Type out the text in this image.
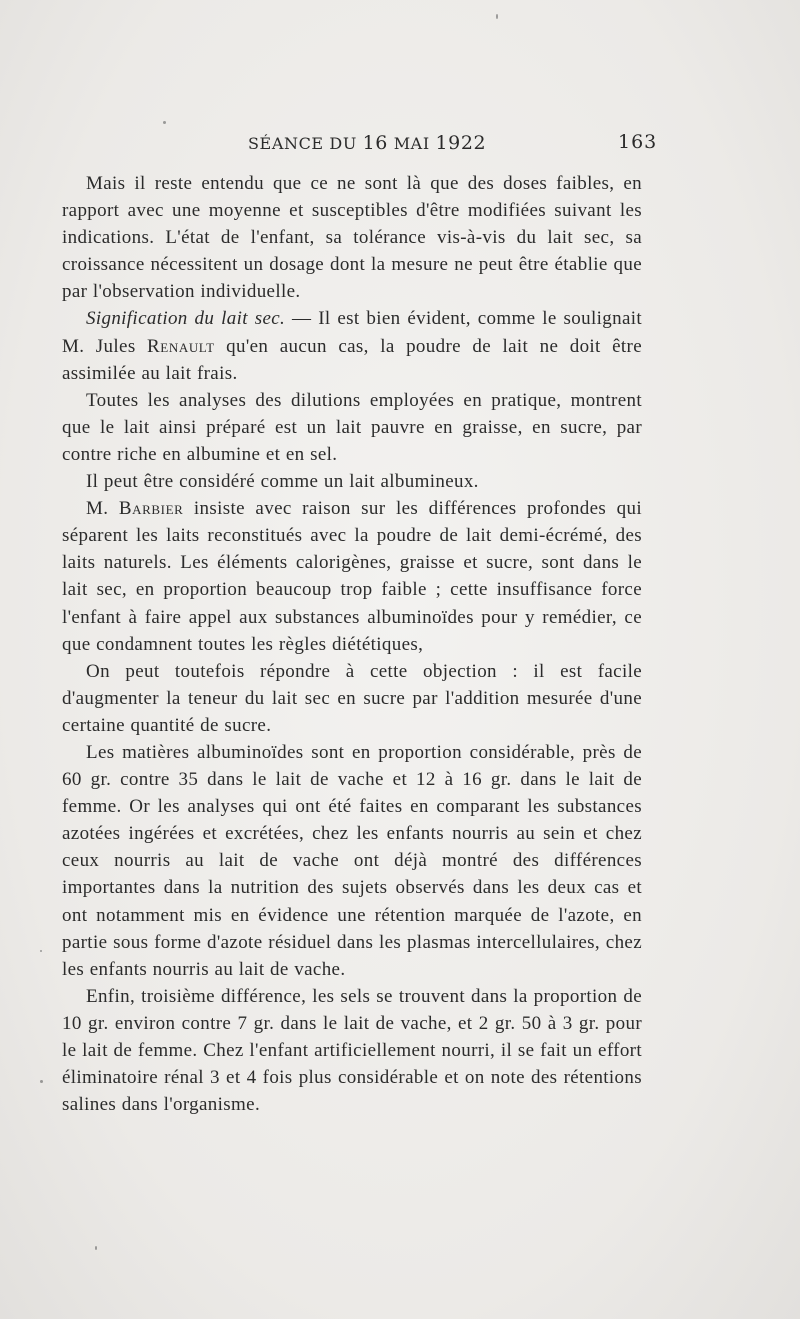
SÉANCE DU 16 MAI 1922	163

Mais il reste entendu que ce ne sont là que des doses faibles, en rapport avec une moyenne et susceptibles d'être modifiées suivant les indications. L'état de l'enfant, sa tolérance vis-à-vis du lait sec, sa croissance nécessitent un dosage dont la mesure ne peut être établie que par l'observation individuelle.

Signification du lait sec. — Il est bien évident, comme le soulignait M. Jules Renault qu'en aucun cas, la poudre de lait ne doit être assimilée au lait frais.

Toutes les analyses des dilutions employées en pratique, montrent que le lait ainsi préparé est un lait pauvre en graisse, en sucre, par contre riche en albumine et en sel.

Il peut être considéré comme un lait albumineux.

M. Barbier insiste avec raison sur les différences profondes qui séparent les laits reconstitués avec la poudre de lait demi-écrémé, des laits naturels. Les éléments calorigènes, graisse et sucre, sont dans le lait sec, en proportion beaucoup trop faible ; cette insuffisance force l'enfant à faire appel aux substances albuminoïdes pour y remédier, ce que condamnent toutes les règles diététiques,

On peut toutefois répondre à cette objection : il est facile d'augmenter la teneur du lait sec en sucre par l'addition mesurée d'une certaine quantité de sucre.

Les matières albuminoïdes sont en proportion considérable, près de 60 gr. contre 35 dans le lait de vache et 12 à 16 gr. dans le lait de femme. Or les analyses qui ont été faites en comparant les substances azotées ingérées et excrétées, chez les enfants nourris au sein et chez ceux nourris au lait de vache ont déjà montré des différences importantes dans la nutrition des sujets observés dans les deux cas et ont notamment mis en évidence une rétention marquée de l'azote, en partie sous forme d'azote résiduel dans les plasmas intercellulaires, chez les enfants nourris au lait de vache.

Enfin, troisième différence, les sels se trouvent dans la proportion de 10 gr. environ contre 7 gr. dans le lait de vache, et 2 gr. 50 à 3 gr. pour le lait de femme. Chez l'enfant artificiellement nourri, il se fait un effort éliminatoire rénal 3 et 4 fois plus considérable et on note des rétentions salines dans l'organisme.
